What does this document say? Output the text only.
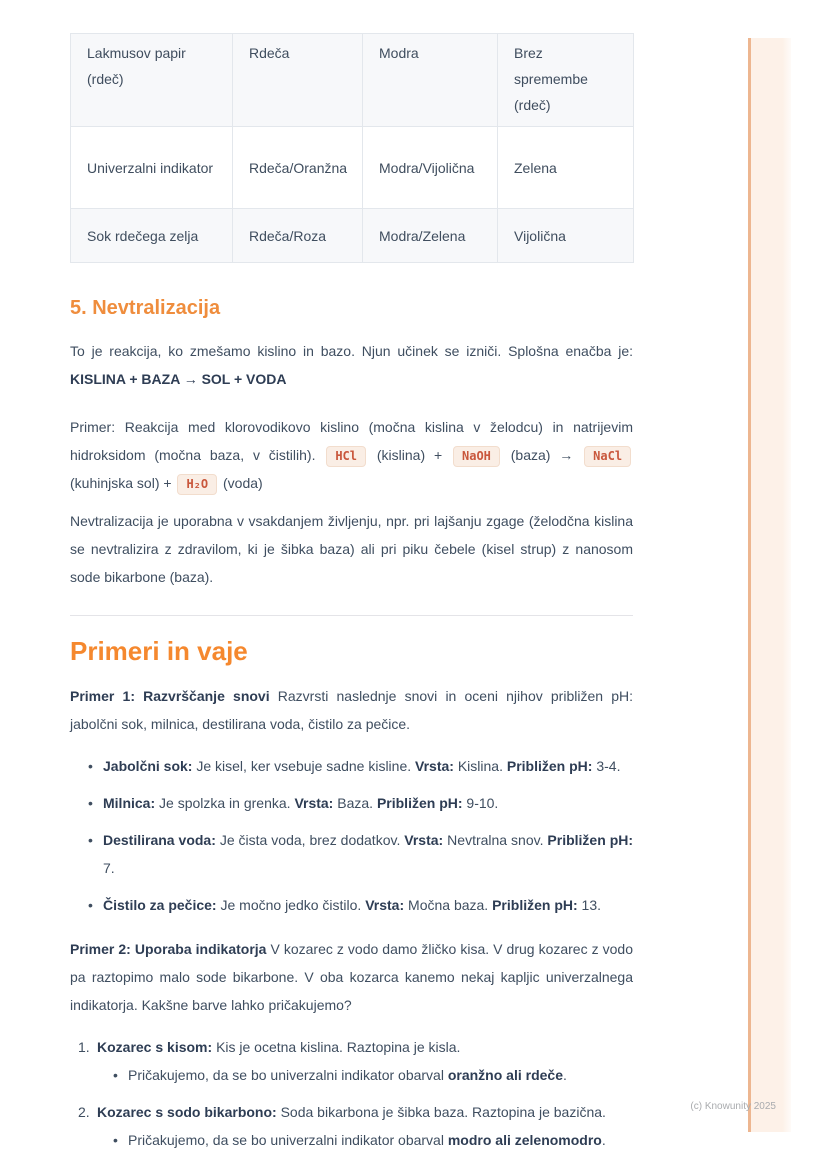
Lakmusov papir (rdeč)	Rdeča	Modra	Brez spremembe (rdeč)
Univerzalni indikator	Rdeča/Oranžna	Modra/Vijolična	Zelena
Sok rdečega zelja	Rdeča/Roza	Modra/Zelena	Vijolična
5. Nevtralizacija

To je reakcija, ko zmešamo kislino in bazo. Njun učinek se izniči. Splošna enačba je: KISLINA + BAZA → SOL + VODA

Primer: Reakcija med klorovodikovo kislino (močna kislina v želodcu) in natrijevim hidroksidom (močna baza, v čistilih). HCl (kislina) + NaOH (baza) → NaCl (kuhinjska sol) + H₂O (voda)

Nevtralizacija je uporabna v vsakdanjem življenju, npr. pri lajšanju zgage (želodčna kislina se nevtralizira z zdravilom, ki je šibka baza) ali pri piku čebele (kisel strup) z nanosom sode bikarbone (baza).

Primeri in vaje

Primer 1: Razvrščanje snovi Razvrsti naslednje snovi in oceni njihov približen pH: jabolčni sok, milnica, destilirana voda, čistilo za pečice.

• Jabolčni sok: Je kisel, ker vsebuje sadne kisline. Vrsta: Kislina. Približen pH: 3-4.
• Milnica: Je spolzka in grenka. Vrsta: Baza. Približen pH: 9-10.
• Destilirana voda: Je čista voda, brez dodatkov. Vrsta: Nevtralna snov. Približen pH: 7.
• Čistilo za pečice: Je močno jedko čistilo. Vrsta: Močna baza. Približen pH: 13.

Primer 2: Uporaba indikatorja V kozarec z vodo damo žličko kisa. V drug kozarec z vodo pa raztopimo malo sode bikarbone. V oba kozarca kanemo nekaj kapljic univerzalnega indikatorja. Kakšne barve lahko pričakujemo?

Kozarec s kisom: Kis je ocetna kislina. Raztopina je kisla.
• Pričakujemo, da se bo univerzalni indikator obarval oranžno ali rdeče.
Kozarec s sodo bikarbono: Soda bikarbona je šibka baza. Raztopina je bazična.
• Pričakujemo, da se bo univerzalni indikator obarval modro ali zelenomodro.
(c) Knowunity 2025
